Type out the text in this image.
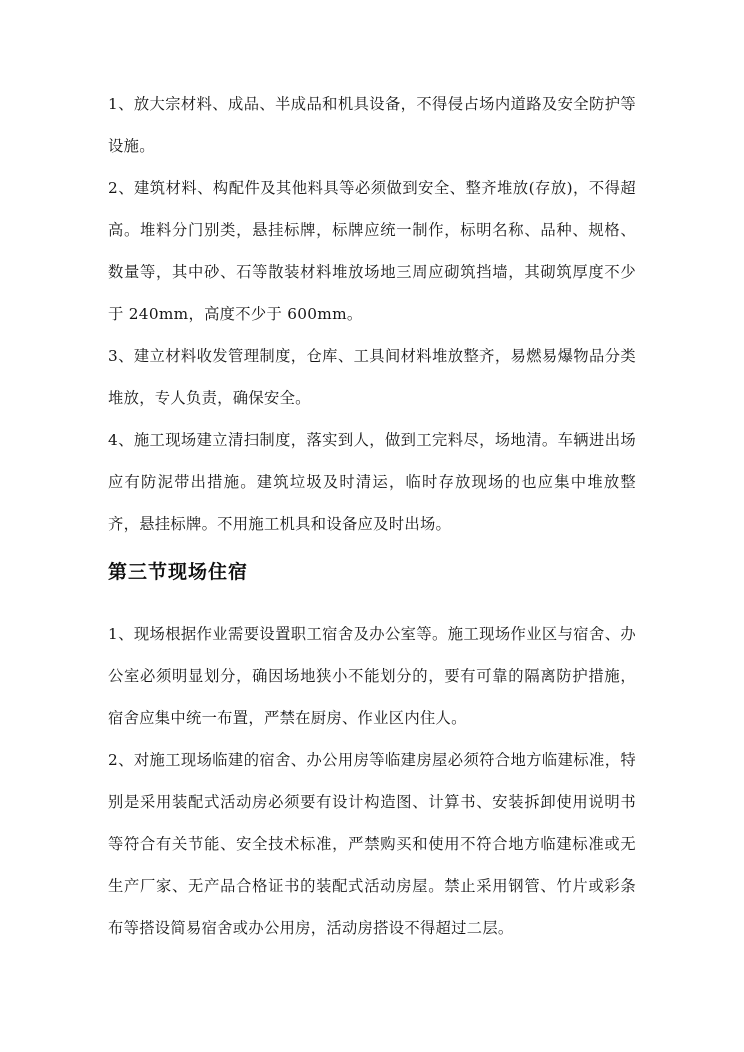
1、放大宗材料、成品、半成品和机具设备，不得侵占场内道路及安全防护等设施。

2、建筑材料、构配件及其他料具等必须做到安全、整齐堆放(存放)，不得超高。堆料分门别类，悬挂标牌，标牌应统一制作，标明名称、品种、规格、数量等，其中砂、石等散装材料堆放场地三周应砌筑挡墙，其砌筑厚度不少于 240mm，高度不少于 600mm。

3、建立材料收发管理制度，仓库、工具间材料堆放整齐，易燃易爆物品分类堆放，专人负责，确保安全。

4、施工现场建立清扫制度，落实到人，做到工完料尽，场地清。车辆进出场应有防泥带出措施。建筑垃圾及时清运，临时存放现场的也应集中堆放整齐，悬挂标牌。不用施工机具和设备应及时出场。

第三节现场住宿

1、现场根据作业需要设置职工宿舍及办公室等。施工现场作业区与宿舍、办公室必须明显划分，确因场地狭小不能划分的，要有可靠的隔离防护措施，宿舍应集中统一布置，严禁在厨房、作业区内住人。

2、对施工现场临建的宿舍、办公用房等临建房屋必须符合地方临建标准，特别是采用装配式活动房必须要有设计构造图、计算书、安装拆卸使用说明书等符合有关节能、安全技术标准，严禁购买和使用不符合地方临建标准或无生产厂家、无产品合格证书的装配式活动房屋。禁止采用钢管、竹片或彩条布等搭设简易宿舍或办公用房，活动房搭设不得超过二层。
